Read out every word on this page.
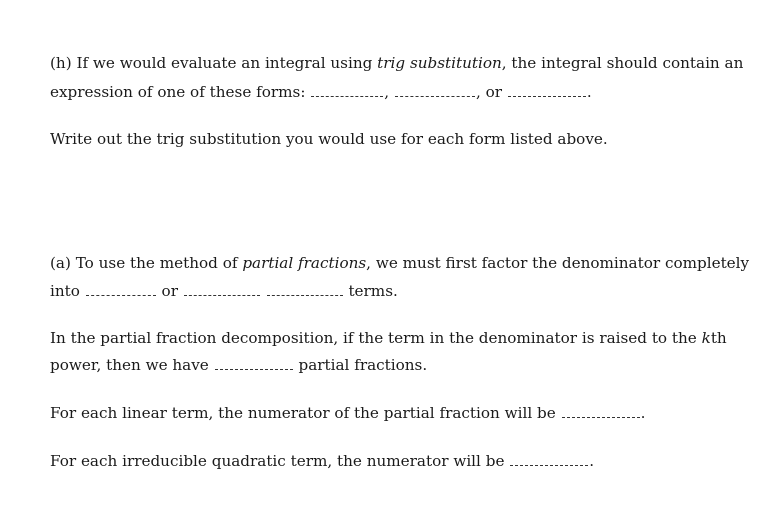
(h) If we would evaluate an integral using trig substitution, the integral should contain an
expression of one of these forms:	,	, or	.
Write out the trig substitution you would use for each form listed above.
(a) To use the method of partial fractions, we must first factor the denominator completely
into	or	terms.
In the partial fraction decomposition, if the term in the denominator is raised to the kth
power, then we have	partial fractions.
For each linear term, the numerator of the partial fraction will be	.
For each irreducible quadratic term, the numerator will be	.
